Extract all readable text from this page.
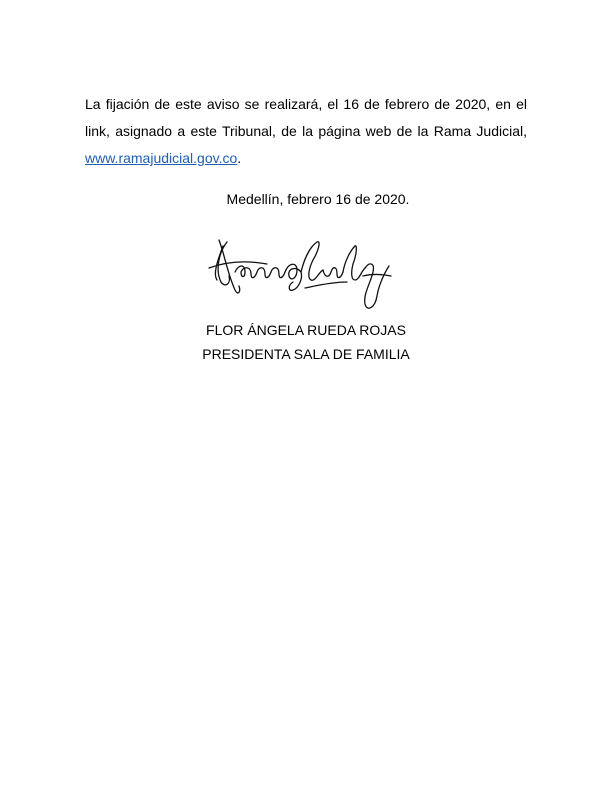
La fijación de este aviso se realizará, el 16 de febrero de 2020, en el link, asignado a este Tribunal, de la página web de la Rama Judicial, www.ramajudicial.gov.co.

Medellín, febrero 16 de 2020.
FLOR ÁNGELA RUEDA ROJAS
PRESIDENTA SALA DE FAMILIA
